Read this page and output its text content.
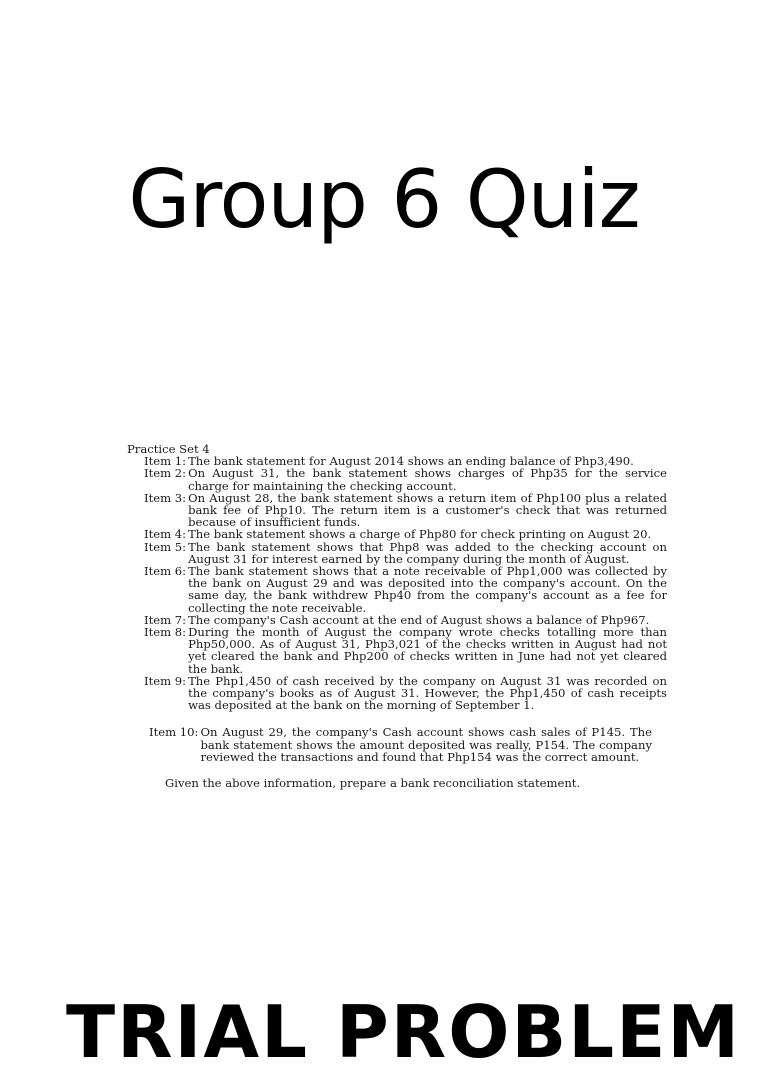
Group 6 Quiz
Practice Set 4
Item 1: The bank statement for August 2014 shows an ending balance of Php3,490.
Item 2: On August 31, the bank statement shows charges of Php35 for the service charge for maintaining the checking account.
Item 3: On August 28, the bank statement shows a return item of Php100 plus a related bank fee of Php10. The return item is a customer's check that was returned because of insufficient funds.
Item 4: The bank statement shows a charge of Php80 for check printing on August 20.
Item 5: The bank statement shows that Php8 was added to the checking account on August 31 for interest earned by the company during the month of August.
Item 6: The bank statement shows that a note receivable of Php1,000 was collected by the bank on August 29 and was deposited into the company's account. On the same day, the bank withdrew Php40 from the company's account as a fee for collecting the note receivable.
Item 7: The company's Cash account at the end of August shows a balance of Php967.
Item 8: During the month of August the company wrote checks totalling more than Php50,000. As of August 31, Php3,021 of the checks written in August had not yet cleared the bank and Php200 of checks written in June had not yet cleared the bank.
Item 9: The Php1,450 of cash received by the company on August 31 was recorded on the company's books as of August 31. However, the Php1,450 of cash receipts was deposited at the bank on the morning of September 1.
Item 10: On August 29, the company's Cash account shows cash sales of P145. The bank statement shows the amount deposited was really, P154. The company reviewed the transactions and found that Php154 was the correct amount.
Given the above information, prepare a bank reconciliation statement.
TRIAL PROBLEM
